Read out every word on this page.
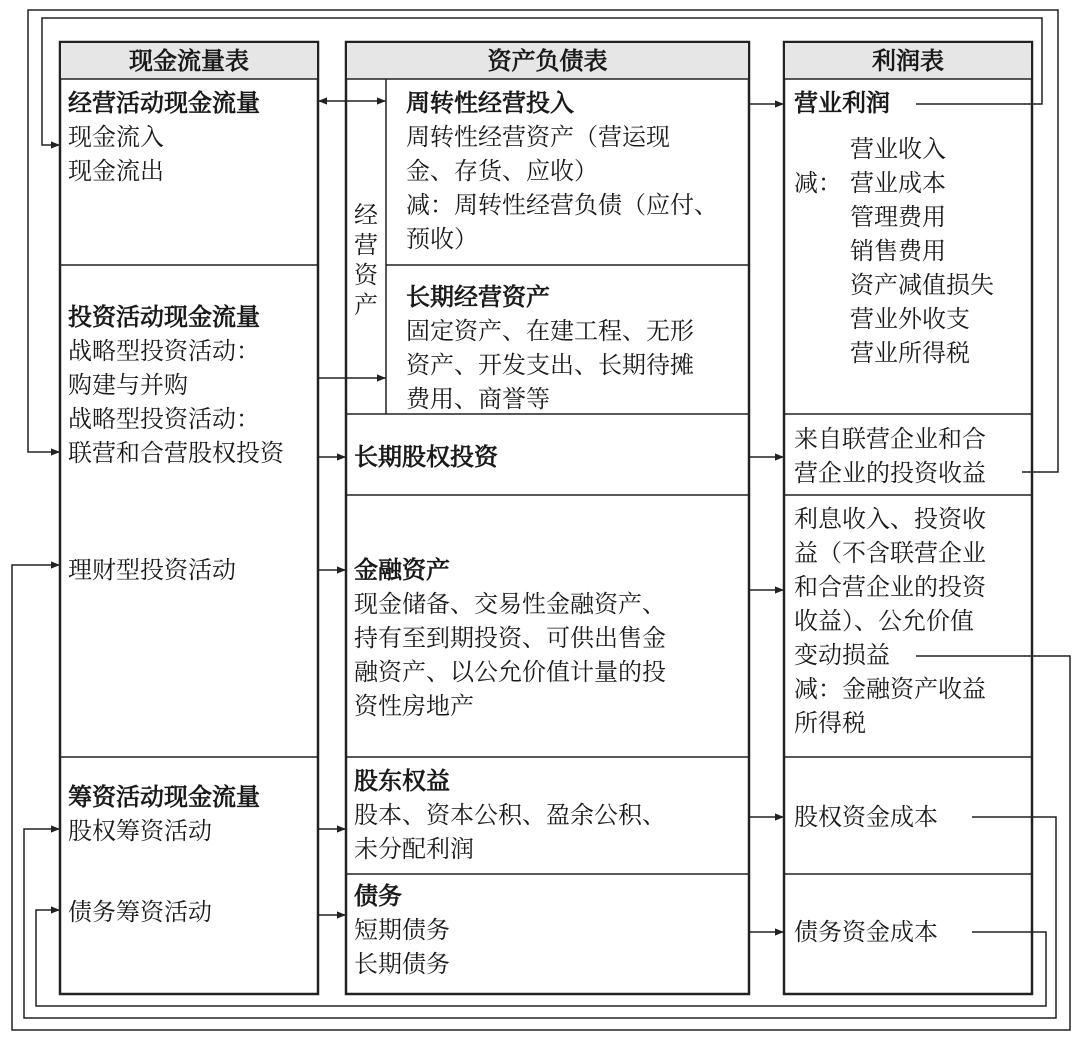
现金流量表	资产负债表	利润表
经营活动现金流量
现金流入
现金流出
投资活动现金流量
战略型投资活动：
购建与并购
战略型投资活动：
联营和合营股权投资
理财型投资活动
筹资活动现金流量
股权筹资活动
债务筹资活动
经营资产
周转性经营投入
周转性经营资产（营运现
金、存货、应收）
减：周转性经营负债（应付、
预收）
长期经营资产
固定资产、在建工程、无形
资产、开发支出、长期待摊
费用、商誉等
长期股权投资
金融资产
现金储备、交易性金融资产、
持有至到期投资、可供出售金
融资产、以公允价值计量的投
资性房地产
股东权益
股本、资本公积、盈余公积、
未分配利润
债务
短期债务
长期债务
营业利润
减：
营业收入
营业成本
管理费用
销售费用
资产减值损失
营业外收支
营业所得税
来自联营企业和合
营企业的投资收益
利息收入、投资收
益（不含联营企业
和合营企业的投资
收益）、公允价值
变动损益
减：金融资产收益
所得税
股权资金成本
债务资金成本
